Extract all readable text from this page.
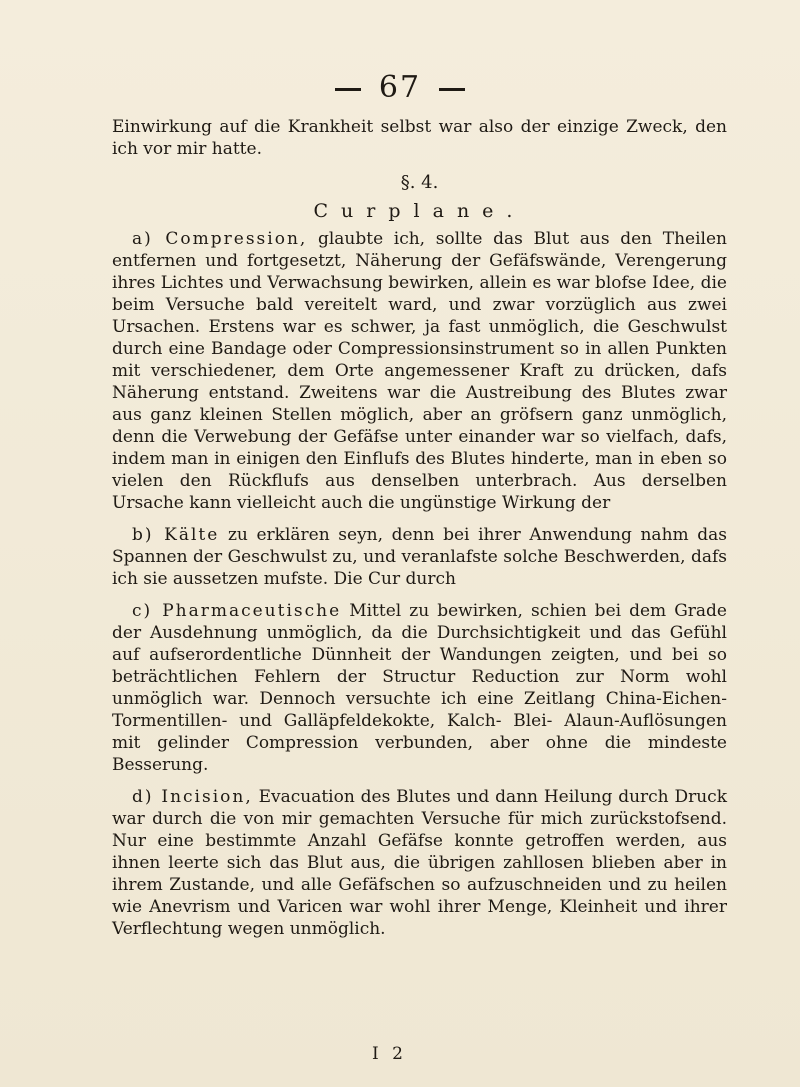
67

Einwirkung auf die Krankheit selbst war also der einzige Zweck, den ich vor mir hatte.

§. 4.

Curplane.

a) Compression, glaubte ich, sollte das Blut aus den Theilen entfernen und fortgesetzt, Näherung der Gefäfswände, Verengerung ihres Lichtes und Verwachsung bewirken, allein es war blofse Idee, die beim Versuche bald vereitelt ward, und zwar vorzüglich aus zwei Ursachen. Erstens war es schwer, ja fast unmöglich, die Geschwulst durch eine Bandage oder Compressionsinstrument so in allen Punkten mit verschiedener, dem Orte angemessener Kraft zu drücken, dafs Näherung entstand. Zweitens war die Austreibung des Blutes zwar aus ganz kleinen Stellen möglich, aber an gröfsern ganz unmöglich, denn die Verwebung der Gefäfse unter einander war so vielfach, dafs, indem man in einigen den Einflufs des Blutes hinderte, man in eben so vielen den Rückflufs aus denselben unterbrach. Aus derselben Ursache kann vielleicht auch die ungünstige Wirkung der

b) Kälte zu erklären seyn, denn bei ihrer Anwendung nahm das Spannen der Geschwulst zu, und veranlafste solche Beschwerden, dafs ich sie aussetzen mufste. Die Cur durch

c) Pharmaceutische Mittel zu bewirken, schien bei dem Grade der Ausdehnung unmöglich, da die Durchsichtigkeit und das Gefühl auf aufserordentliche Dünnheit der Wandungen zeigten, und bei so beträchtlichen Fehlern der Structur Reduction zur Norm wohl unmöglich war. Dennoch versuchte ich eine Zeitlang China-Eichen- Tormentillen- und Galläpfeldekokte, Kalch- Blei- Alaun-Auflösungen mit gelinder Compression verbunden, aber ohne die mindeste Besserung.

d) Incision, Evacuation des Blutes und dann Heilung durch Druck war durch die von mir gemachten Versuche für mich zurückstofsend. Nur eine bestimmte Anzahl Gefäfse konnte getroffen werden, aus ihnen leerte sich das Blut aus, die übrigen zahllosen blieben aber in ihrem Zustande, und alle Gefäfschen so aufzuschneiden und zu heilen wie Anevrism und Varicen war wohl ihrer Menge, Kleinheit und ihrer Verflechtung wegen unmöglich.

I 2
